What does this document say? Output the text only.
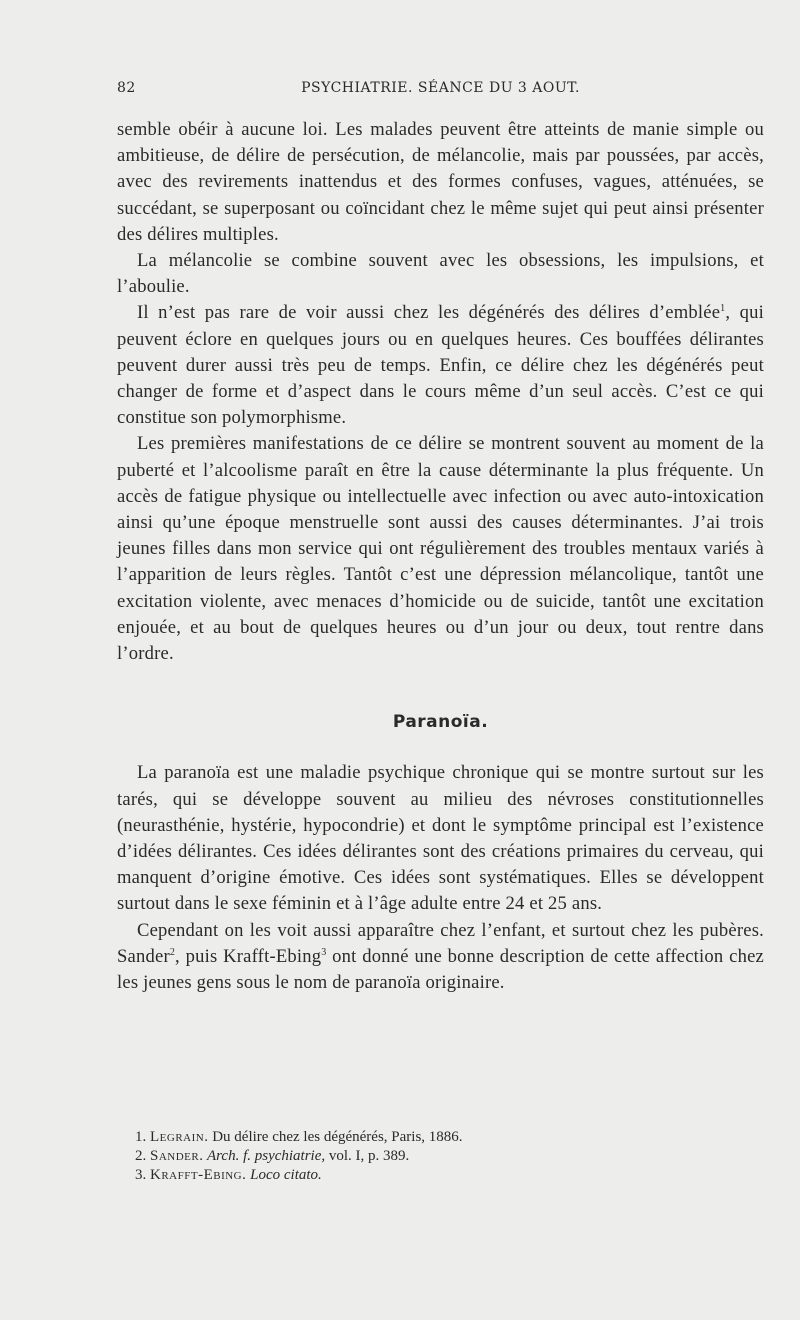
82	PSYCHIATRIE. SÉANCE DU 3 AOUT.

semble obéir à aucune loi. Les malades peuvent être atteints de manie simple ou ambitieuse, de délire de persécution, de mélancolie, mais par poussées, par accès, avec des revirements inattendus et des formes confuses, vagues, atténuées, se succédant, se superposant ou coïncidant chez le même sujet qui peut ainsi présenter des délires multiples.

La mélancolie se combine souvent avec les obsessions, les impulsions, et l’aboulie.

Il n’est pas rare de voir aussi chez les dégénérés des délires d’emblée$^1$, qui peuvent éclore en quelques jours ou en quelques heures. Ces bouffées délirantes peuvent durer aussi très peu de temps. Enfin, ce délire chez les dégénérés peut changer de forme et d’aspect dans le cours même d’un seul accès. C’est ce qui constitue son polymorphisme.

Les premières manifestations de ce délire se montrent souvent au moment de la puberté et l’alcoolisme paraît en être la cause déterminante la plus fréquente. Un accès de fatigue physique ou intellectuelle avec infection ou avec auto-intoxication ainsi qu’une époque menstruelle sont aussi des causes déterminantes. J’ai trois jeunes filles dans mon service qui ont régulièrement des troubles mentaux variés à l’apparition de leurs règles. Tantôt c’est une dépression mélancolique, tantôt une excitation violente, avec menaces d’homicide ou de suicide, tantôt une excitation enjouée, et au bout de quelques heures ou d’un jour ou deux, tout rentre dans l’ordre.

Paranoïa.

La paranoïa est une maladie psychique chronique qui se montre surtout sur les tarés, qui se développe souvent au milieu des névroses constitutionnelles (neurasthénie, hystérie, hypocondrie) et dont le symptôme principal est l’existence d’idées délirantes. Ces idées délirantes sont des créations primaires du cerveau, qui manquent d’origine émotive. Ces idées sont systématiques. Elles se développent surtout dans le sexe féminin et à l’âge adulte entre 24 et 25 ans.

Cependant on les voit aussi apparaître chez l’enfant, et surtout chez les pubères. Sander$^2$, puis Krafft-Ebing$^3$ ont donné une bonne description de cette affection chez les jeunes gens sous le nom de paranoïa originaire.

1. Legrain. Du délire chez les dégénérés, Paris, 1886.
2. Sander. Arch. f. psychiatrie, vol. I, p. 389.
3. Krafft-Ebing. Loco citato.
